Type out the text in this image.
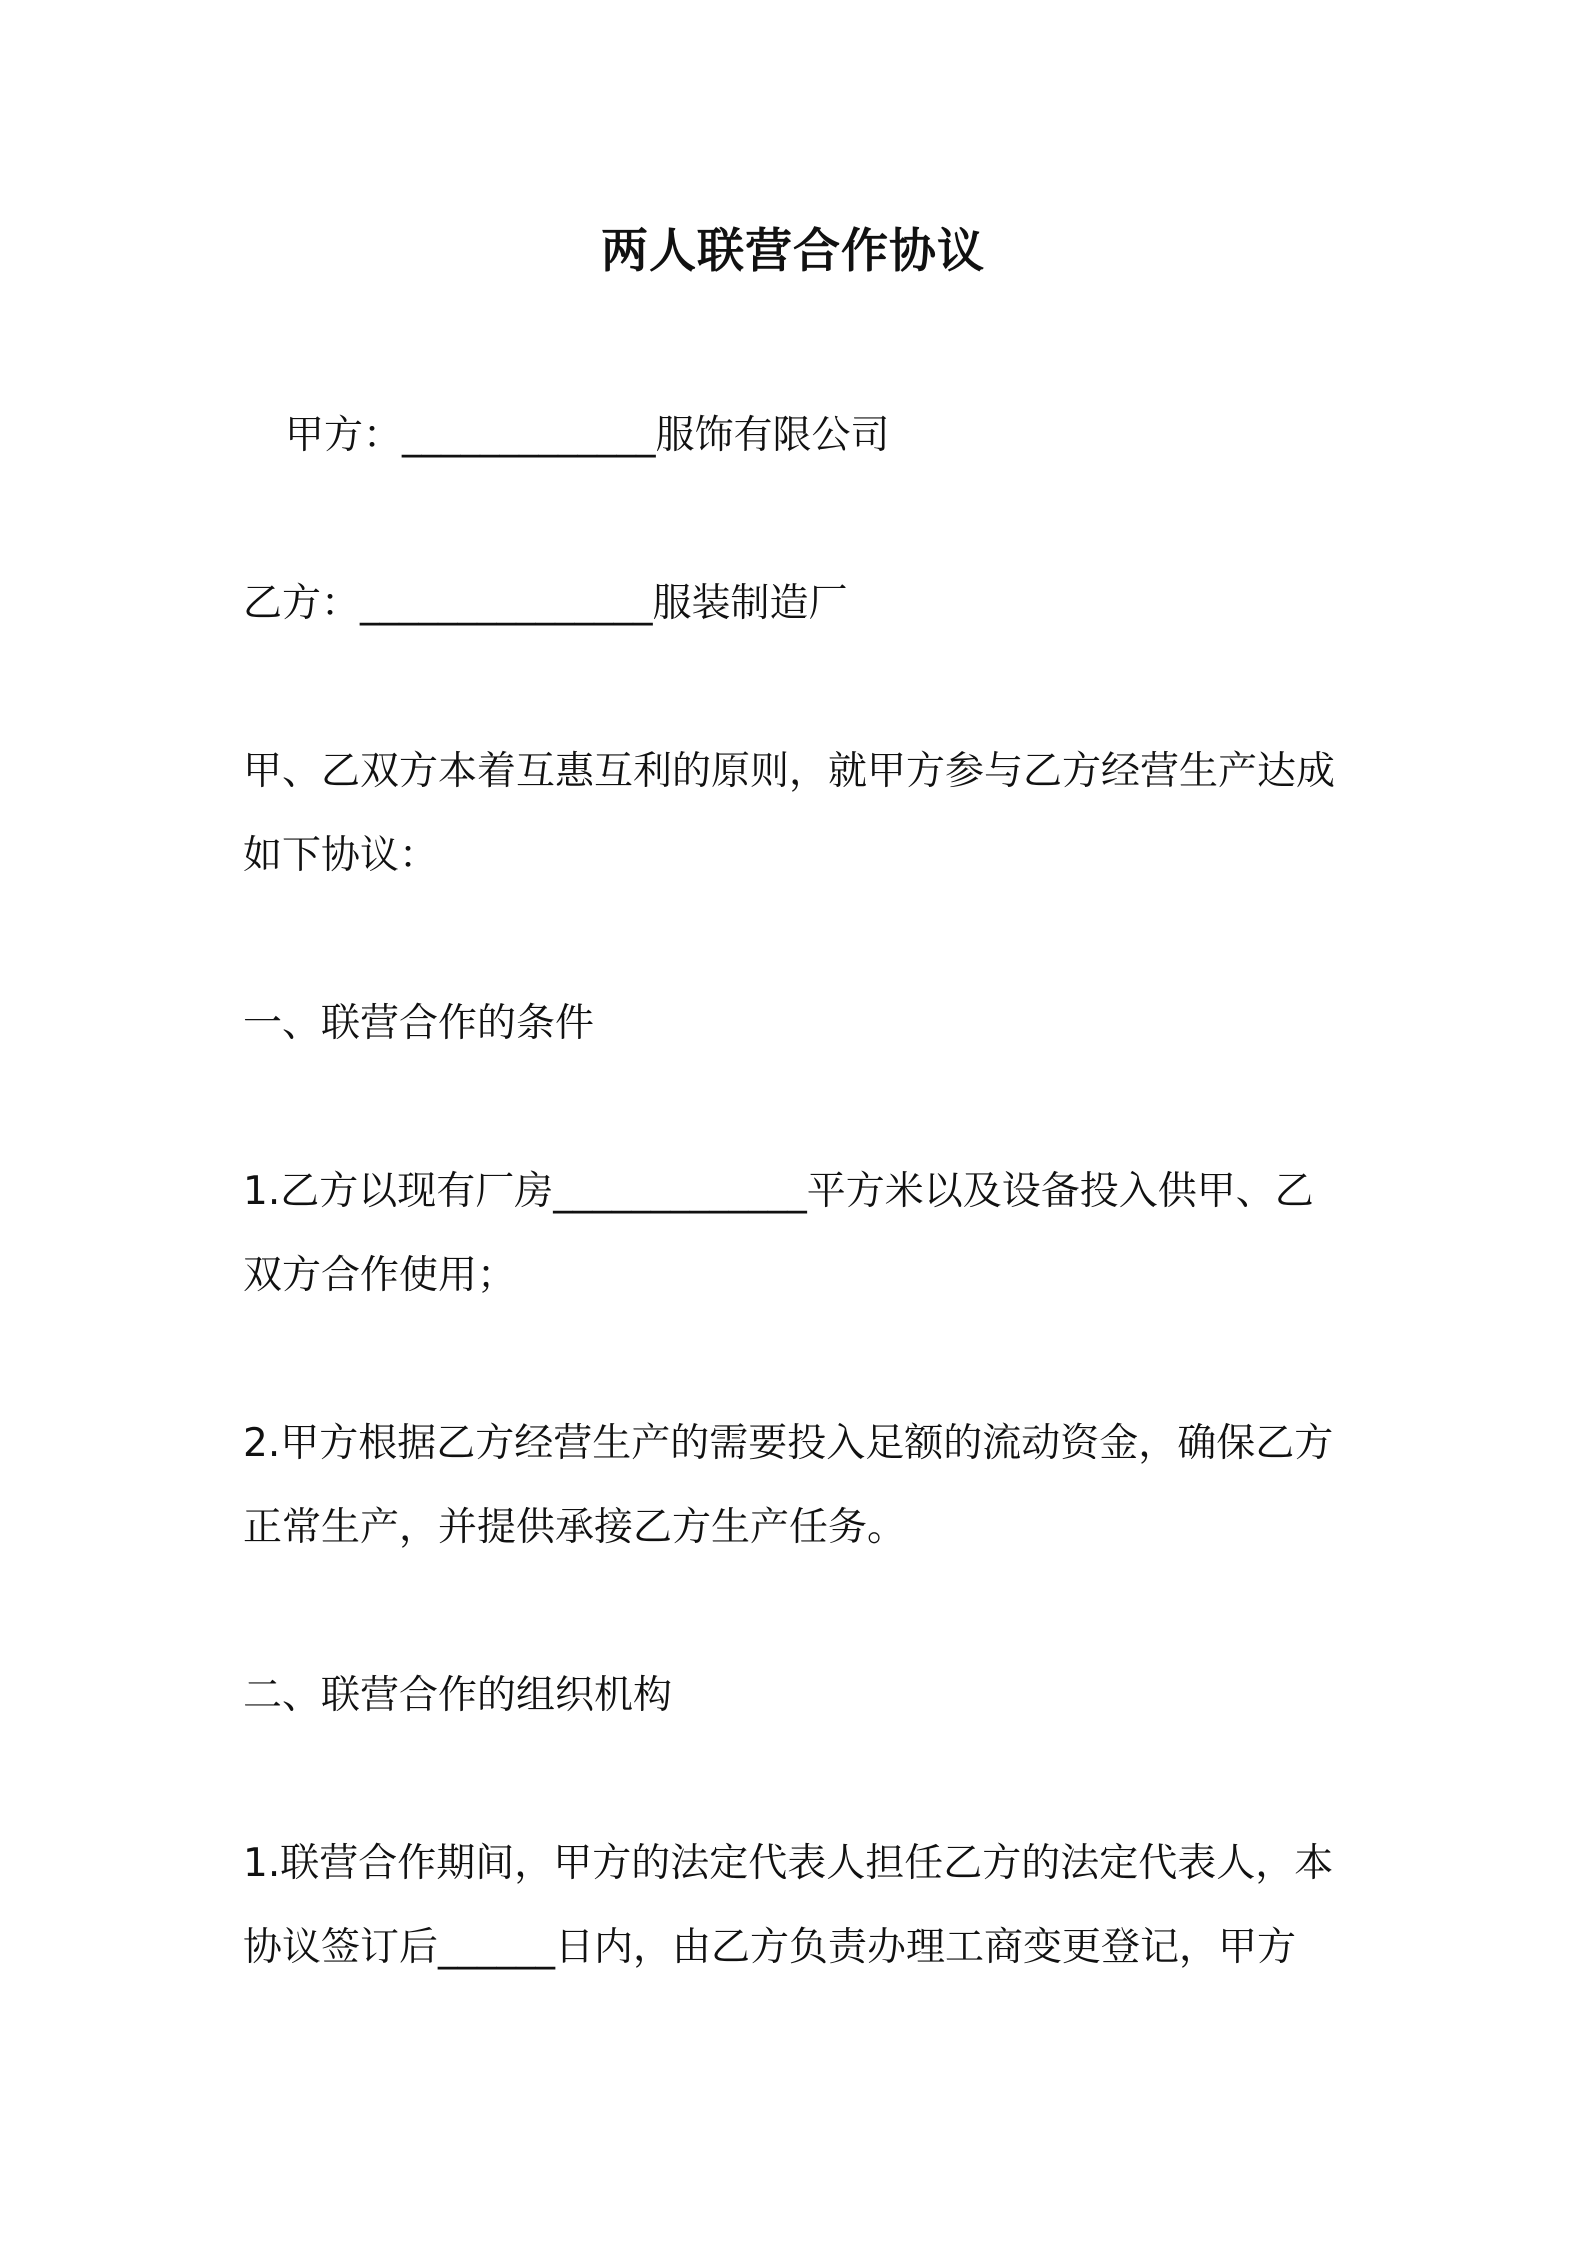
两人联营合作协议
甲方：_____________服饰有限公司
乙方：_______________服装制造厂
甲、乙双方本着互惠互利的原则，就甲方参与乙方经营生产达成
如下协议：
一、联营合作的条件
1.乙方以现有厂房_____________平方米以及设备投入供甲、乙
双方合作使用；
2.甲方根据乙方经营生产的需要投入足额的流动资金，确保乙方
正常生产，并提供承接乙方生产任务。
二、联营合作的组织机构
1.联营合作期间，甲方的法定代表人担任乙方的法定代表人，本
协议签订后______日内，由乙方负责办理工商变更登记，甲方
